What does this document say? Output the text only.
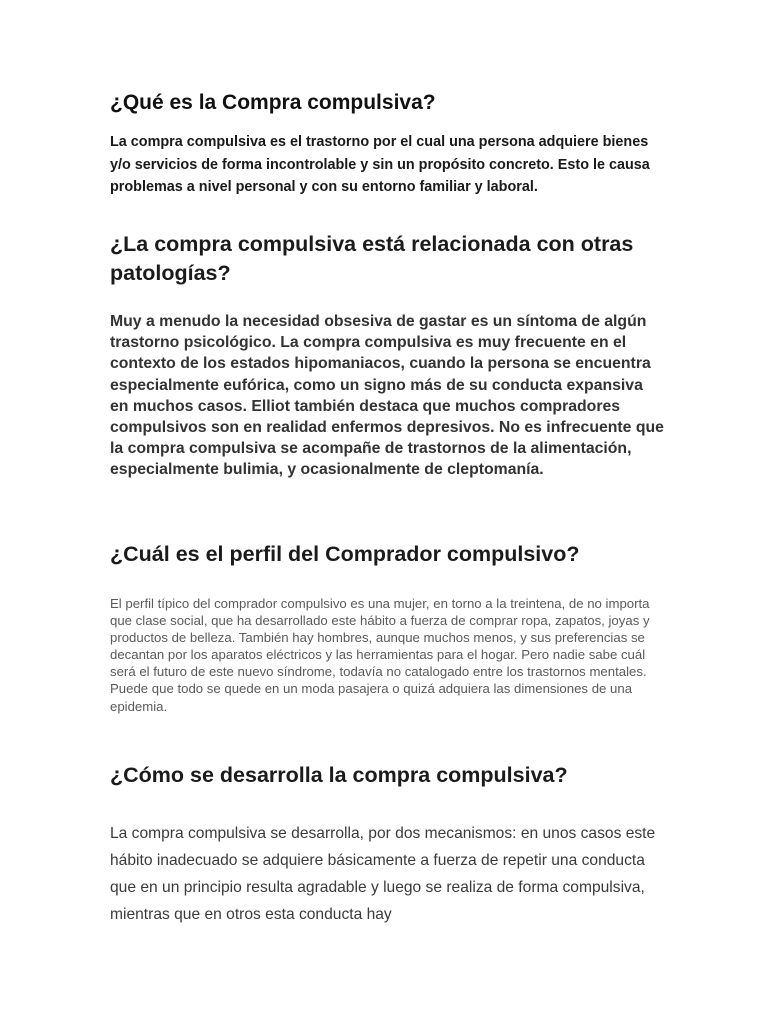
¿Qué es la Compra compulsiva?

La compra compulsiva es el trastorno por el cual una persona adquiere bienes y/o servicios de forma incontrolable y sin un propósito concreto. Esto le causa problemas a nivel personal y con su entorno familiar y laboral.

¿La compra compulsiva está relacionada con otras patologías?

Muy a menudo la necesidad obsesiva de gastar es un síntoma de algún trastorno psicológico. La compra compulsiva es muy frecuente en el contexto de los estados hipomaniacos, cuando la persona se encuentra especialmente eufórica, como un signo más de su conducta expansiva en muchos casos. Elliot también destaca que muchos compradores compulsivos son en realidad enfermos depresivos. No es infrecuente que la compra compulsiva se acompañe de trastornos de la alimentación, especialmente bulimia, y ocasionalmente de cleptomanía.

¿Cuál es el perfil del Comprador compulsivo?

El perfil típico del comprador compulsivo es una mujer, en torno a la treintena, de no importa que clase social, que ha desarrollado este hábito a fuerza de comprar ropa, zapatos, joyas y productos de belleza. También hay hombres, aunque muchos menos, y sus preferencias se decantan por los aparatos eléctricos y las herramientas para el hogar. Pero nadie sabe cuál será el futuro de este nuevo síndrome, todavía no catalogado entre los trastornos mentales. Puede que todo se quede en un moda pasajera o quizá adquiera las dimensiones de una epidemia.

¿Cómo se desarrolla la compra compulsiva?

La compra compulsiva se desarrolla, por dos mecanismos: en unos casos este hábito inadecuado se adquiere básicamente a fuerza de repetir una conducta que en un principio resulta agradable y luego se realiza de forma compulsiva, mientras que en otros esta conducta hay
